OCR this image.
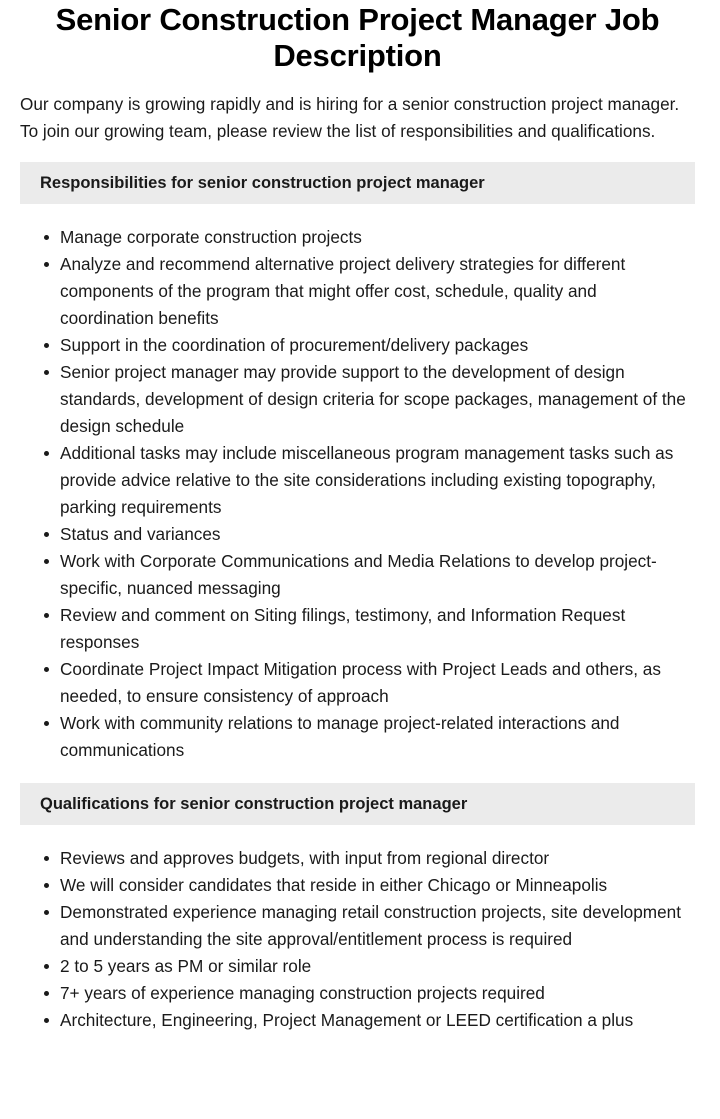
Senior Construction Project Manager Job Description

Our company is growing rapidly and is hiring for a senior construction project manager. To join our growing team, please review the list of responsibilities and qualifications.

Responsibilities for senior construction project manager
Manage corporate construction projects
Analyze and recommend alternative project delivery strategies for different components of the program that might offer cost, schedule, quality and coordination benefits
Support in the coordination of procurement/delivery packages
Senior project manager may provide support to the development of design standards, development of design criteria for scope packages, management of the design schedule
Additional tasks may include miscellaneous program management tasks such as provide advice relative to the site considerations including existing topography, parking requirements
Status and variances
Work with Corporate Communications and Media Relations to develop project-specific, nuanced messaging
Review and comment on Siting filings, testimony, and Information Request responses
Coordinate Project Impact Mitigation process with Project Leads and others, as needed, to ensure consistency of approach
Work with community relations to manage project-related interactions and communications
Qualifications for senior construction project manager
Reviews and approves budgets, with input from regional director
We will consider candidates that reside in either Chicago or Minneapolis
Demonstrated experience managing retail construction projects, site development and understanding the site approval/entitlement process is required
2 to 5 years as PM or similar role
7+ years of experience managing construction projects required
Architecture, Engineering, Project Management or LEED certification a plus
